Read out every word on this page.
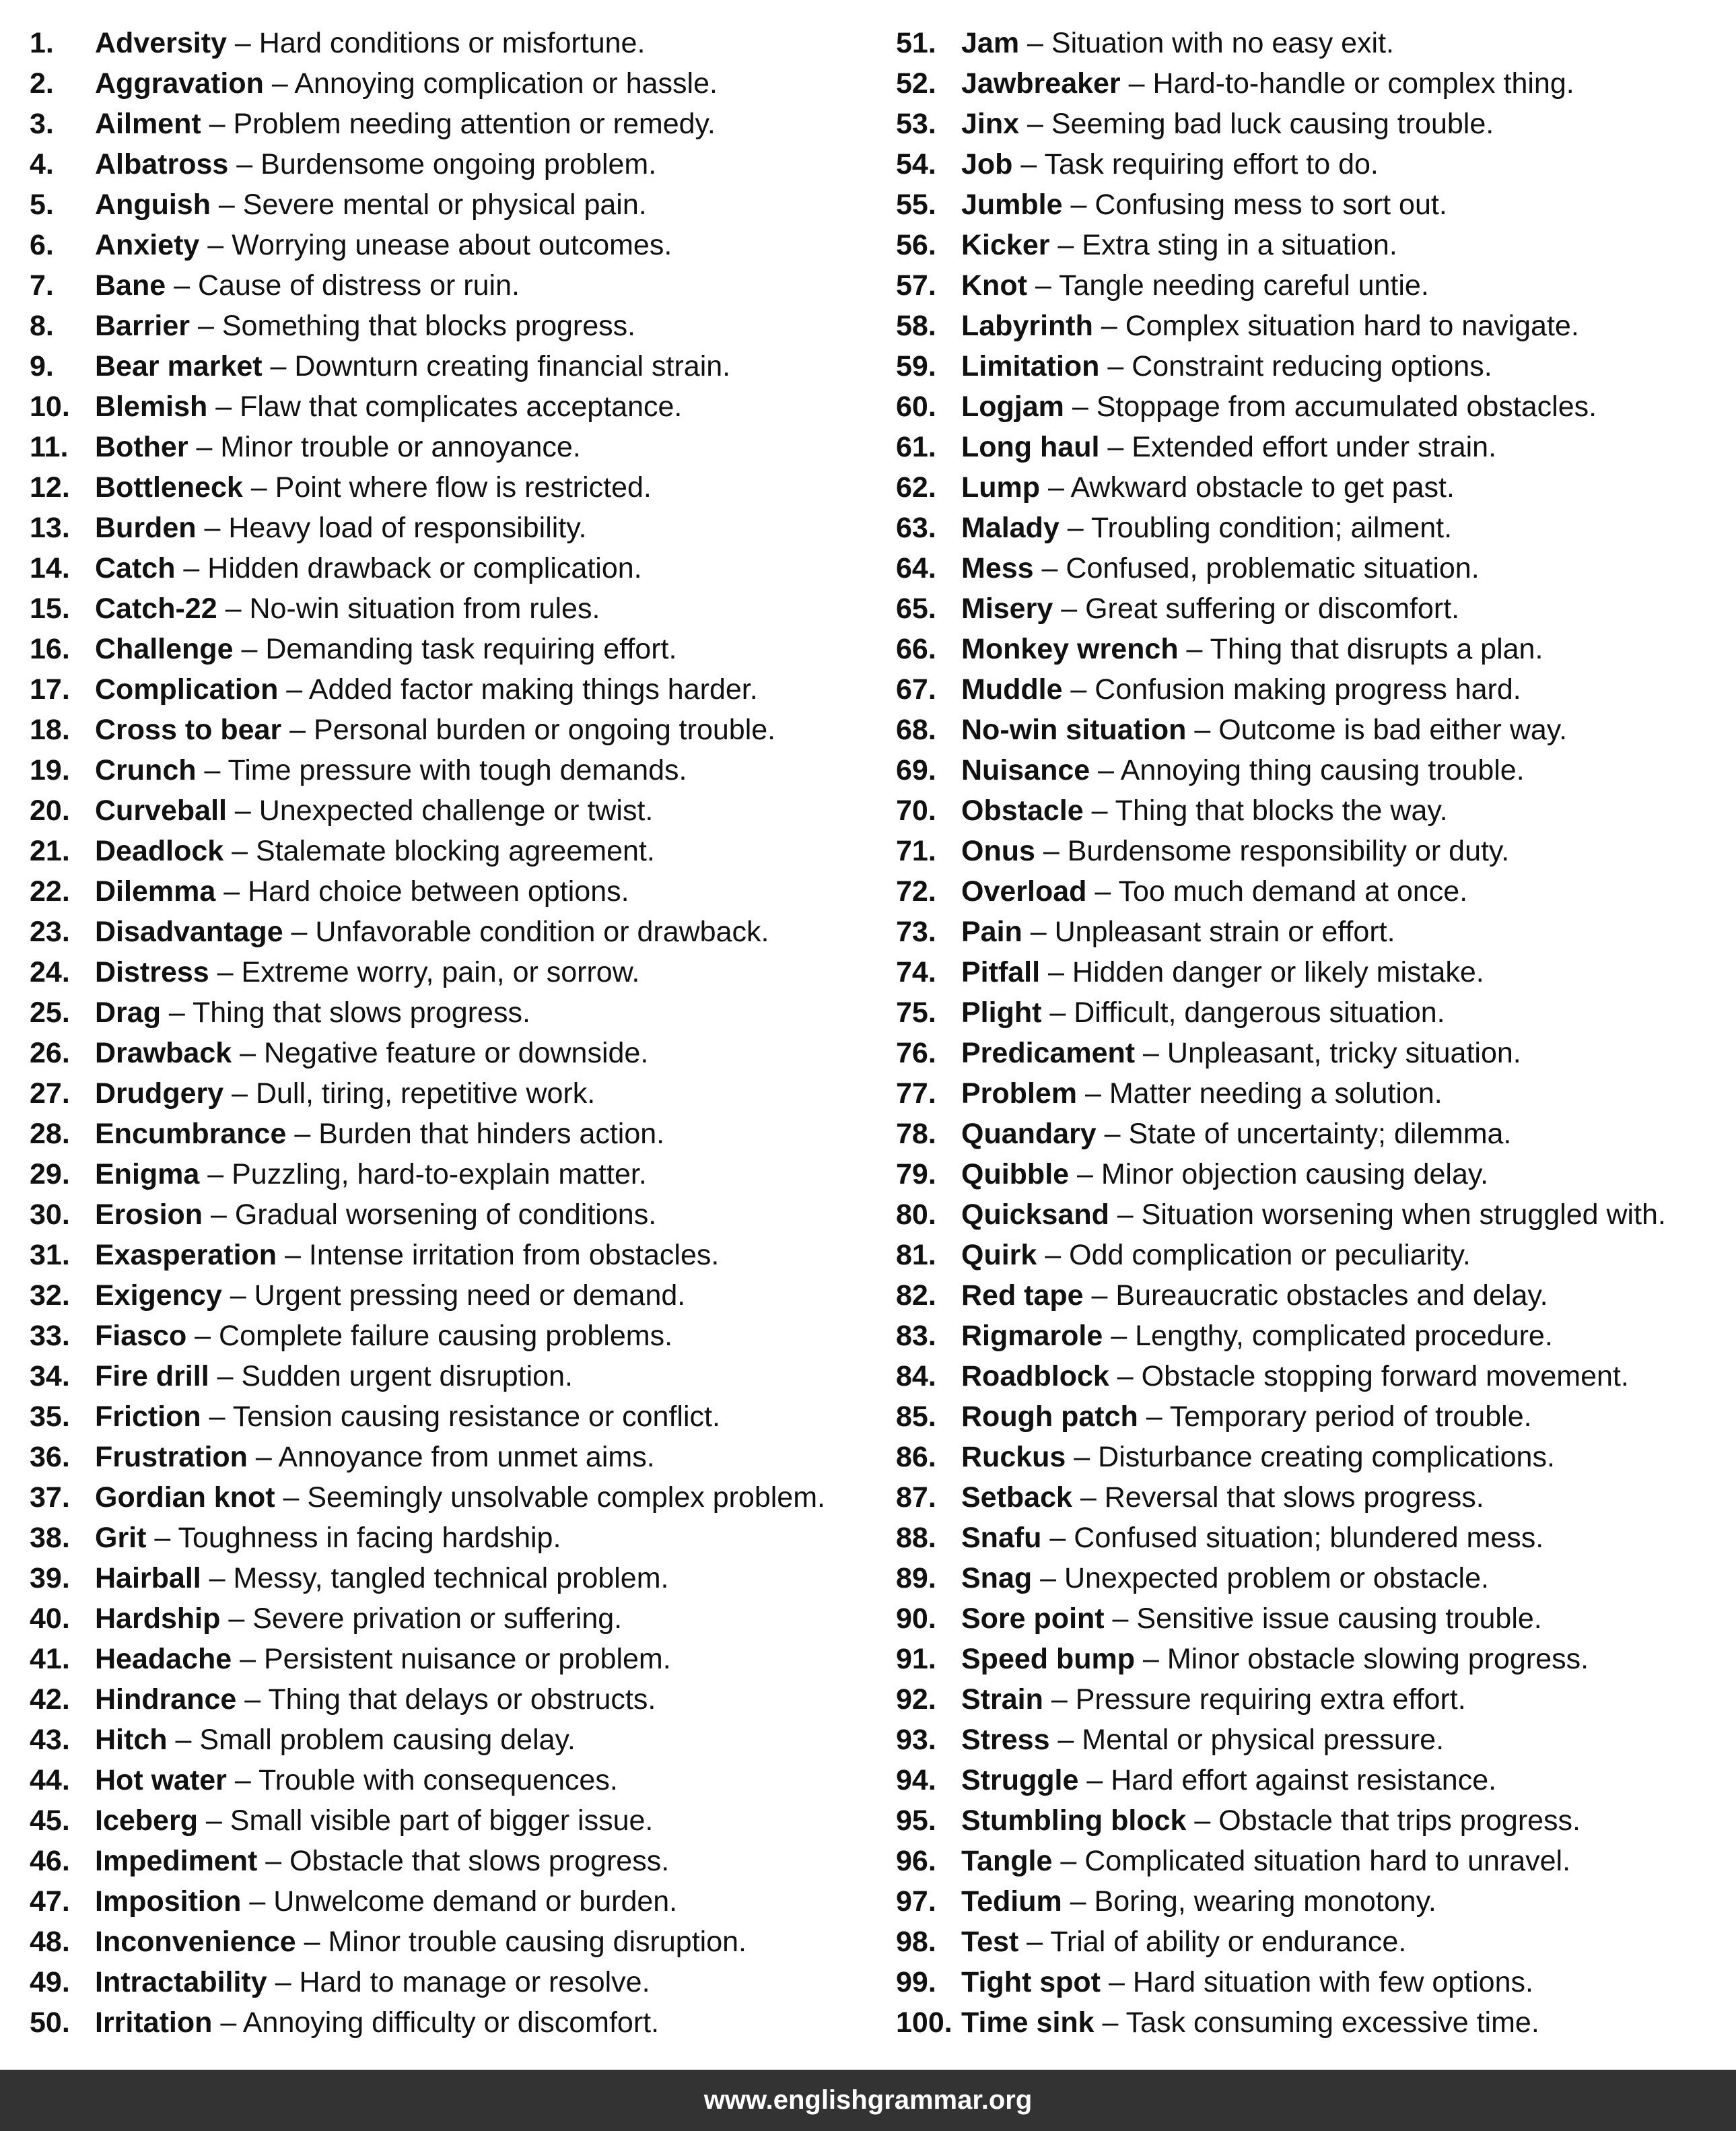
1. Adversity – Hard conditions or misfortune.
2. Aggravation – Annoying complication or hassle.
3. Ailment – Problem needing attention or remedy.
4. Albatross – Burdensome ongoing problem.
5. Anguish – Severe mental or physical pain.
6. Anxiety – Worrying unease about outcomes.
7. Bane – Cause of distress or ruin.
8. Barrier – Something that blocks progress.
9. Bear market – Downturn creating financial strain.
10. Blemish – Flaw that complicates acceptance.
11. Bother – Minor trouble or annoyance.
12. Bottleneck – Point where flow is restricted.
13. Burden – Heavy load of responsibility.
14. Catch – Hidden drawback or complication.
15. Catch-22 – No-win situation from rules.
16. Challenge – Demanding task requiring effort.
17. Complication – Added factor making things harder.
18. Cross to bear – Personal burden or ongoing trouble.
19. Crunch – Time pressure with tough demands.
20. Curveball – Unexpected challenge or twist.
21. Deadlock – Stalemate blocking agreement.
22. Dilemma – Hard choice between options.
23. Disadvantage – Unfavorable condition or drawback.
24. Distress – Extreme worry, pain, or sorrow.
25. Drag – Thing that slows progress.
26. Drawback – Negative feature or downside.
27. Drudgery – Dull, tiring, repetitive work.
28. Encumbrance – Burden that hinders action.
29. Enigma – Puzzling, hard-to-explain matter.
30. Erosion – Gradual worsening of conditions.
31. Exasperation – Intense irritation from obstacles.
32. Exigency – Urgent pressing need or demand.
33. Fiasco – Complete failure causing problems.
34. Fire drill – Sudden urgent disruption.
35. Friction – Tension causing resistance or conflict.
36. Frustration – Annoyance from unmet aims.
37. Gordian knot – Seemingly unsolvable complex problem.
38. Grit – Toughness in facing hardship.
39. Hairball – Messy, tangled technical problem.
40. Hardship – Severe privation or suffering.
41. Headache – Persistent nuisance or problem.
42. Hindrance – Thing that delays or obstructs.
43. Hitch – Small problem causing delay.
44. Hot water – Trouble with consequences.
45. Iceberg – Small visible part of bigger issue.
46. Impediment – Obstacle that slows progress.
47. Imposition – Unwelcome demand or burden.
48. Inconvenience – Minor trouble causing disruption.
49. Intractability – Hard to manage or resolve.
50. Irritation – Annoying difficulty or discomfort.
51. Jam – Situation with no easy exit.
52. Jawbreaker – Hard-to-handle or complex thing.
53. Jinx – Seeming bad luck causing trouble.
54. Job – Task requiring effort to do.
55. Jumble – Confusing mess to sort out.
56. Kicker – Extra sting in a situation.
57. Knot – Tangle needing careful untie.
58. Labyrinth – Complex situation hard to navigate.
59. Limitation – Constraint reducing options.
60. Logjam – Stoppage from accumulated obstacles.
61. Long haul – Extended effort under strain.
62. Lump – Awkward obstacle to get past.
63. Malady – Troubling condition; ailment.
64. Mess – Confused, problematic situation.
65. Misery – Great suffering or discomfort.
66. Monkey wrench – Thing that disrupts a plan.
67. Muddle – Confusion making progress hard.
68. No-win situation – Outcome is bad either way.
69. Nuisance – Annoying thing causing trouble.
70. Obstacle – Thing that blocks the way.
71. Onus – Burdensome responsibility or duty.
72. Overload – Too much demand at once.
73. Pain – Unpleasant strain or effort.
74. Pitfall – Hidden danger or likely mistake.
75. Plight – Difficult, dangerous situation.
76. Predicament – Unpleasant, tricky situation.
77. Problem – Matter needing a solution.
78. Quandary – State of uncertainty; dilemma.
79. Quibble – Minor objection causing delay.
80. Quicksand – Situation worsening when struggled with.
81. Quirk – Odd complication or peculiarity.
82. Red tape – Bureaucratic obstacles and delay.
83. Rigmarole – Lengthy, complicated procedure.
84. Roadblock – Obstacle stopping forward movement.
85. Rough patch – Temporary period of trouble.
86. Ruckus – Disturbance creating complications.
87. Setback – Reversal that slows progress.
88. Snafu – Confused situation; blundered mess.
89. Snag – Unexpected problem or obstacle.
90. Sore point – Sensitive issue causing trouble.
91. Speed bump – Minor obstacle slowing progress.
92. Strain – Pressure requiring extra effort.
93. Stress – Mental or physical pressure.
94. Struggle – Hard effort against resistance.
95. Stumbling block – Obstacle that trips progress.
96. Tangle – Complicated situation hard to unravel.
97. Tedium – Boring, wearing monotony.
98. Test – Trial of ability or endurance.
99. Tight spot – Hard situation with few options.
100. Time sink – Task consuming excessive time.
www.englishgrammar.org
